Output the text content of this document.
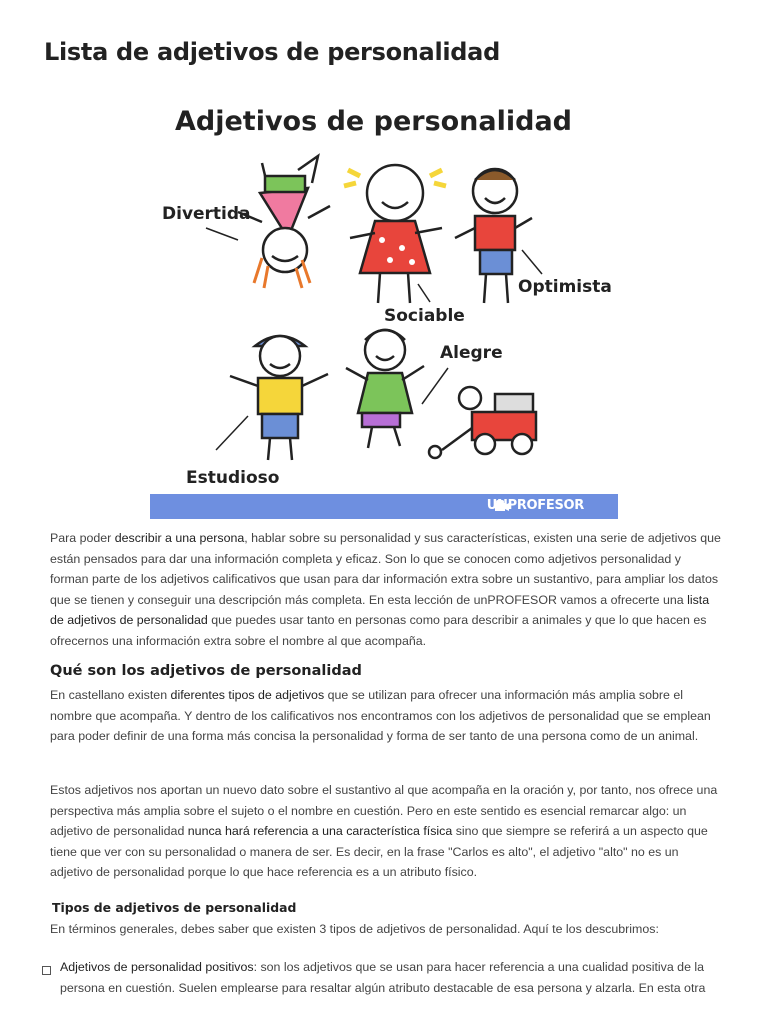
Lista de adjetivos de personalidad
Adjetivos de personalidad
Divertida
Sociable
Optimista
Estudioso
Alegre
UNPROFESOR

Para poder describir a una persona, hablar sobre su personalidad y sus características, existen una serie de adjetivos que están pensados para dar una información completa y eficaz. Son lo que se conocen como adjetivos personalidad y forman parte de los adjetivos calificativos que usan para dar información extra sobre un sustantivo, para ampliar los datos que se tienen y conseguir una descripción más completa. En esta lección de unPROFESOR vamos a ofrecerte una lista de adjetivos de personalidad que puedes usar tanto en personas como para describir a animales y que lo que hacen es ofrecernos una información extra sobre el nombre al que acompaña.

Qué son los adjetivos de personalidad

En castellano existen diferentes tipos de adjetivos que se utilizan para ofrecer una información más amplia sobre el nombre que acompaña. Y dentro de los calificativos nos encontramos con los adjetivos de personalidad que se emplean para poder definir de una forma más concisa la personalidad y forma de ser tanto de una persona como de un animal.

Estos adjetivos nos aportan un nuevo dato sobre el sustantivo al que acompaña en la oración y, por tanto, nos ofrece una perspectiva más amplia sobre el sujeto o el nombre en cuestión. Pero en este sentido es esencial remarcar algo: un adjetivo de personalidad nunca hará referencia a una característica física sino que siempre se referirá a un aspecto que tiene que ver con su personalidad o manera de ser. Es decir, en la frase "Carlos es alto", el adjetivo "alto" no es un adjetivo de personalidad porque lo que hace referencia es a un atributo físico.

Tipos de adjetivos de personalidad

En términos generales, debes saber que existen 3 tipos de adjetivos de personalidad. Aquí te los descubrimos:

Adjetivos de personalidad positivos: son los adjetivos que se usan para hacer referencia a una cualidad positiva de la persona en cuestión. Suelen emplearse para resaltar algún atributo destacable de esa persona y alzarla. En esta otra
